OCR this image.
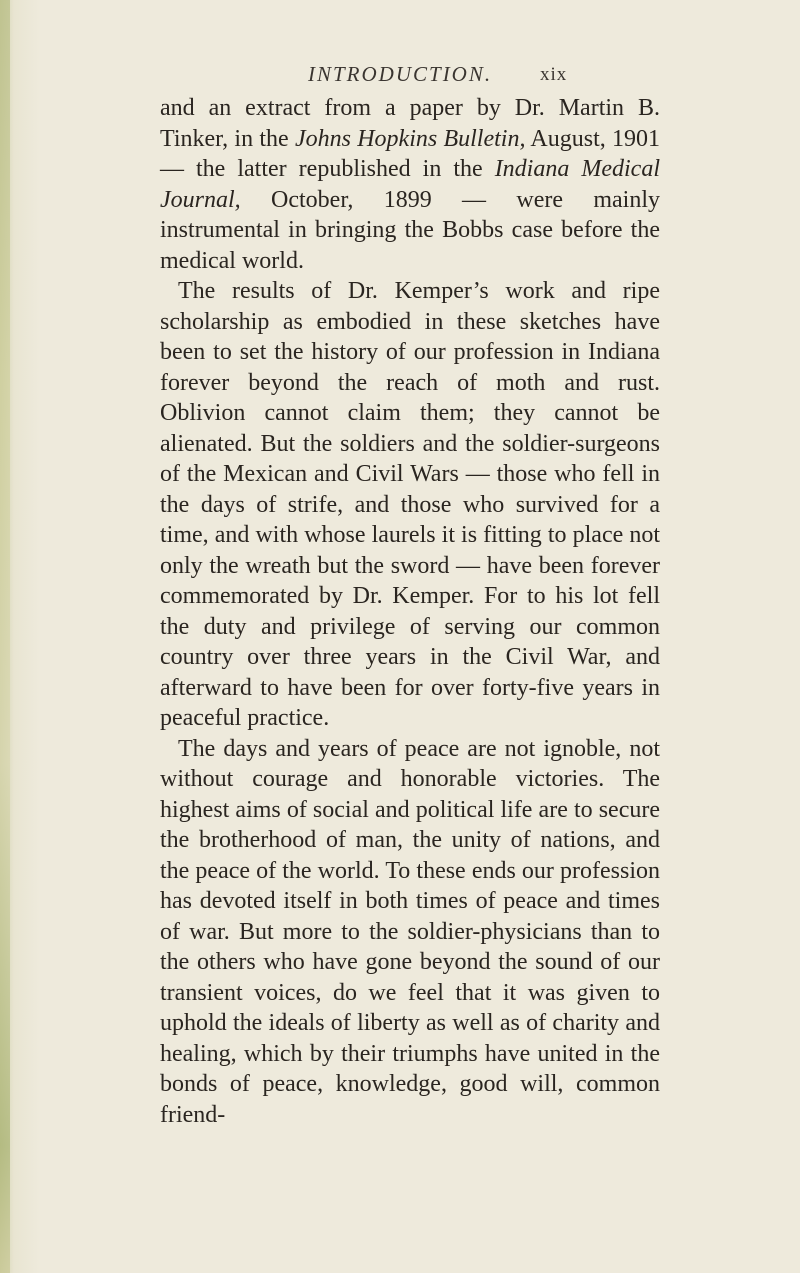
INTRODUCTION.	xix

and an extract from a paper by Dr. Martin B. Tinker, in the Johns Hopkins Bulletin, August, 1901 — the latter republished in the Indiana Medical Journal, October, 1899 — were mainly instrumental in bringing the Bobbs case before the medical world.

The results of Dr. Kemper’s work and ripe scholarship as embodied in these sketches have been to set the history of our profession in Indiana forever beyond the reach of moth and rust. Oblivion cannot claim them; they cannot be alienated. But the soldiers and the soldier-surgeons of the Mexican and Civil Wars — those who fell in the days of strife, and those who survived for a time, and with whose laurels it is fitting to place not only the wreath but the sword — have been forever commemorated by Dr. Kemper. For to his lot fell the duty and privilege of serving our common country over three years in the Civil War, and afterward to have been for over forty-five years in peaceful practice.

The days and years of peace are not ignoble, not without courage and honorable victories. The highest aims of social and political life are to secure the brotherhood of man, the unity of nations, and the peace of the world. To these ends our profession has devoted itself in both times of peace and times of war. But more to the soldier-physicians than to the others who have gone beyond the sound of our transient voices, do we feel that it was given to uphold the ideals of liberty as well as of charity and healing, which by their triumphs have united in the bonds of peace, knowledge, good will, common friend-
